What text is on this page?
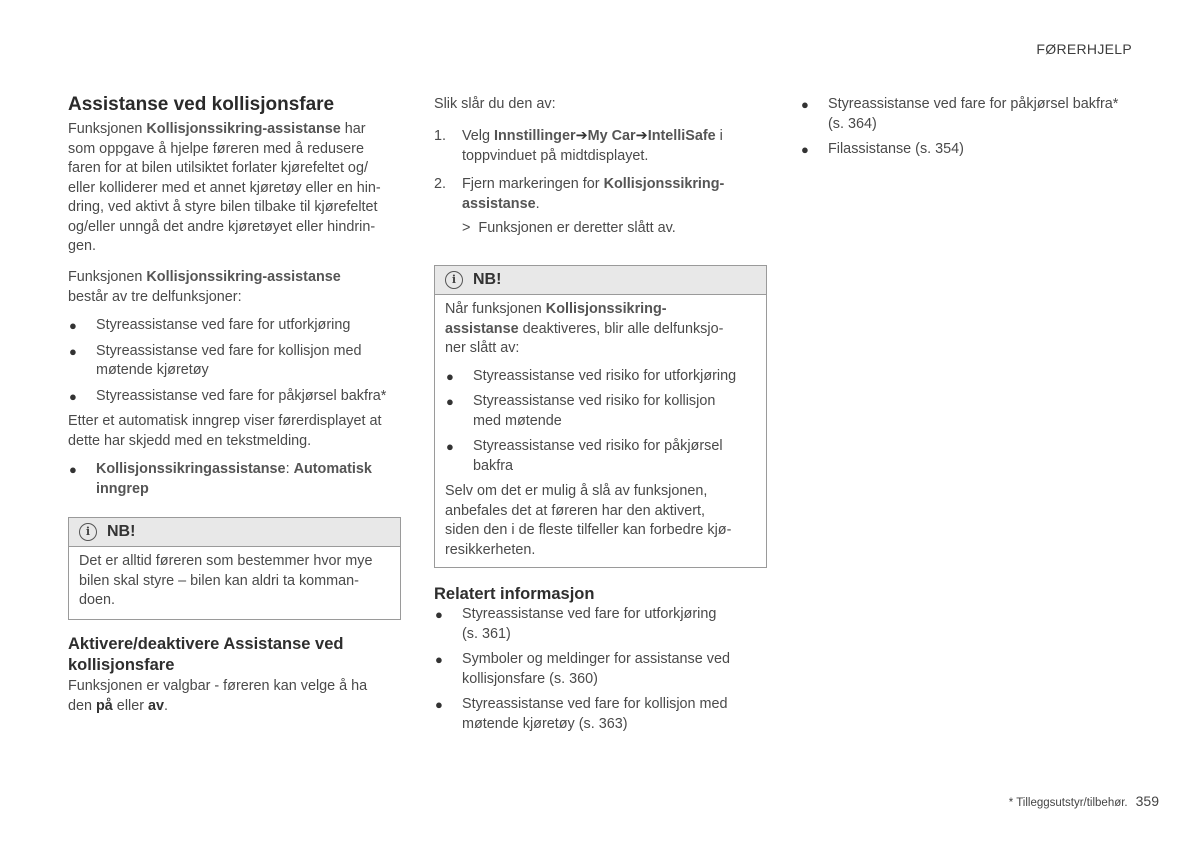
FØRERHJELP
Assistanse ved kollisjonsfare

Funksjonen Kollisjonssikring-assistanse har

som oppgave å hjelpe føreren med å redusere

faren for at bilen utilsiktet forlater kjørefeltet og/

eller kolliderer med et annet kjøretøy eller en hin-

dring, ved aktivt å styre bilen tilbake til kjørefeltet

og/eller unngå det andre kjøretøyet eller hindrin-

gen.

Funksjonen Kollisjonssikring-assistanse

består av tre delfunksjoner:

● Styreassistanse ved fare for utforkjøring
● Styreassistanse ved fare for kollisjon med
møtende kjøretøy
● Styreassistanse ved fare for påkjørsel bakfra*

Etter et automatisk inngrep viser førerdisplayet at

dette har skjedd med en tekstmelding.

● Kollisjonssikringassistanse: Automatisk
inngrep
i	NB!

Det er alltid føreren som bestemmer hvor mye

bilen skal styre – bilen kan aldri ta komman-

doen.

Aktivere/deaktivere Assistanse ved
kollisjonsfare

Funksjonen er valgbar - føreren kan velge å ha

den på eller av.

Slik slår du den av:

1. Velg Innstillinger➔My Car➔IntelliSafe i

toppvinduet på midtdisplayet.

2. Fjern markeringen for Kollisjonssikring-

assistanse.

> Funksjonen er deretter slått av.

i	NB!

Når funksjonen Kollisjonssikring-

assistanse deaktiveres, blir alle delfunksjo-

ner slått av:

● Styreassistanse ved risiko for utforkjøring
● Styreassistanse ved risiko for kollisjon
med møtende
● Styreassistanse ved risiko for påkjørsel
bakfra

Selv om det er mulig å slå av funksjonen,

anbefales det at føreren har den aktivert,

siden den i de fleste tilfeller kan forbedre kjø-

resikkerheten.

Relatert informasjon
● Styreassistanse ved fare for utforkjøring
(s. 361)
● Symboler og meldinger for assistanse ved
kollisjonsfare (s. 360)
● Styreassistanse ved fare for kollisjon med
møtende kjøretøy (s. 363)
● Styreassistanse ved fare for påkjørsel bakfra*
(s. 364)
● Filassistanse (s. 354)
* Tilleggsutstyr/tilbehør. 359
